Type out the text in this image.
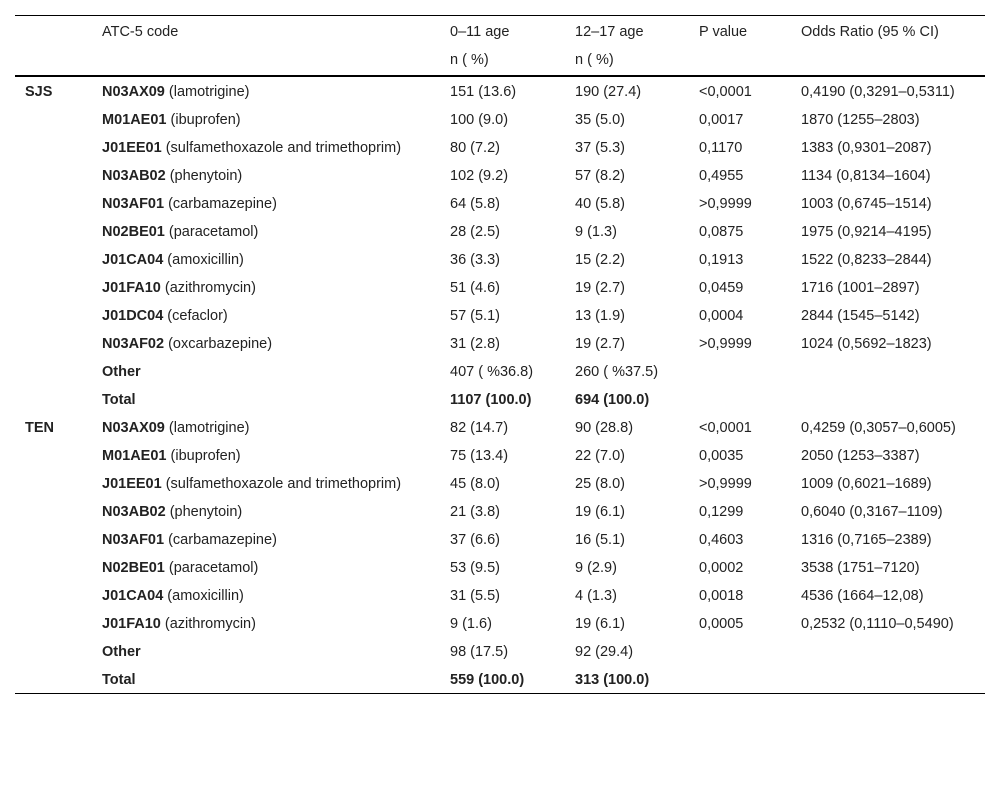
	ATC-5 code	0–11 age	12–17 age	P value	Odds Ratio (95 % CI)
		n ( %)	n ( %)		
SJS	N03AX09 (lamotrigine)	151 (13.6)	190 (27.4)	<0,0001	0,4190 (0,3291–0,5311)
	M01AE01 (ibuprofen)	100 (9.0)	35 (5.0)	0,0017	1870 (1255–2803)
	J01EE01 (sulfamethoxazole and trimethoprim)	80 (7.2)	37 (5.3)	0,1170	1383 (0,9301–2087)
	N03AB02 (phenytoin)	102 (9.2)	57 (8.2)	0,4955	1134 (0,8134–1604)
	N03AF01 (carbamazepine)	64 (5.8)	40 (5.8)	>0,9999	1003 (0,6745–1514)
	N02BE01 (paracetamol)	28 (2.5)	9 (1.3)	0,0875	1975 (0,9214–4195)
	J01CA04 (amoxicillin)	36 (3.3)	15 (2.2)	0,1913	1522 (0,8233–2844)
	J01FA10 (azithromycin)	51 (4.6)	19 (2.7)	0,0459	1716 (1001–2897)
	J01DC04 (cefaclor)	57 (5.1)	13 (1.9)	0,0004	2844 (1545–5142)
	N03AF02 (oxcarbazepine)	31 (2.8)	19 (2.7)	>0,9999	1024 (0,5692–1823)
	Other	407 ( %36.8)	260 ( %37.5)		
	Total	1107 (100.0)	694 (100.0)		
TEN	N03AX09 (lamotrigine)	82 (14.7)	90 (28.8)	<0,0001	0,4259 (0,3057–0,6005)
	M01AE01 (ibuprofen)	75 (13.4)	22 (7.0)	0,0035	2050 (1253–3387)
	J01EE01 (sulfamethoxazole and trimethoprim)	45 (8.0)	25 (8.0)	>0,9999	1009 (0,6021–1689)
	N03AB02 (phenytoin)	21 (3.8)	19 (6.1)	0,1299	0,6040 (0,3167–1109)
	N03AF01 (carbamazepine)	37 (6.6)	16 (5.1)	0,4603	1316 (0,7165–2389)
	N02BE01 (paracetamol)	53 (9.5)	9 (2.9)	0,0002	3538 (1751–7120)
	J01CA04 (amoxicillin)	31 (5.5)	4 (1.3)	0,0018	4536 (1664–12,08)
	J01FA10 (azithromycin)	9 (1.6)	19 (6.1)	0,0005	0,2532 (0,1110–0,5490)
	Other	98 (17.5)	92 (29.4)		
	Total	559 (100.0)	313 (100.0)		
